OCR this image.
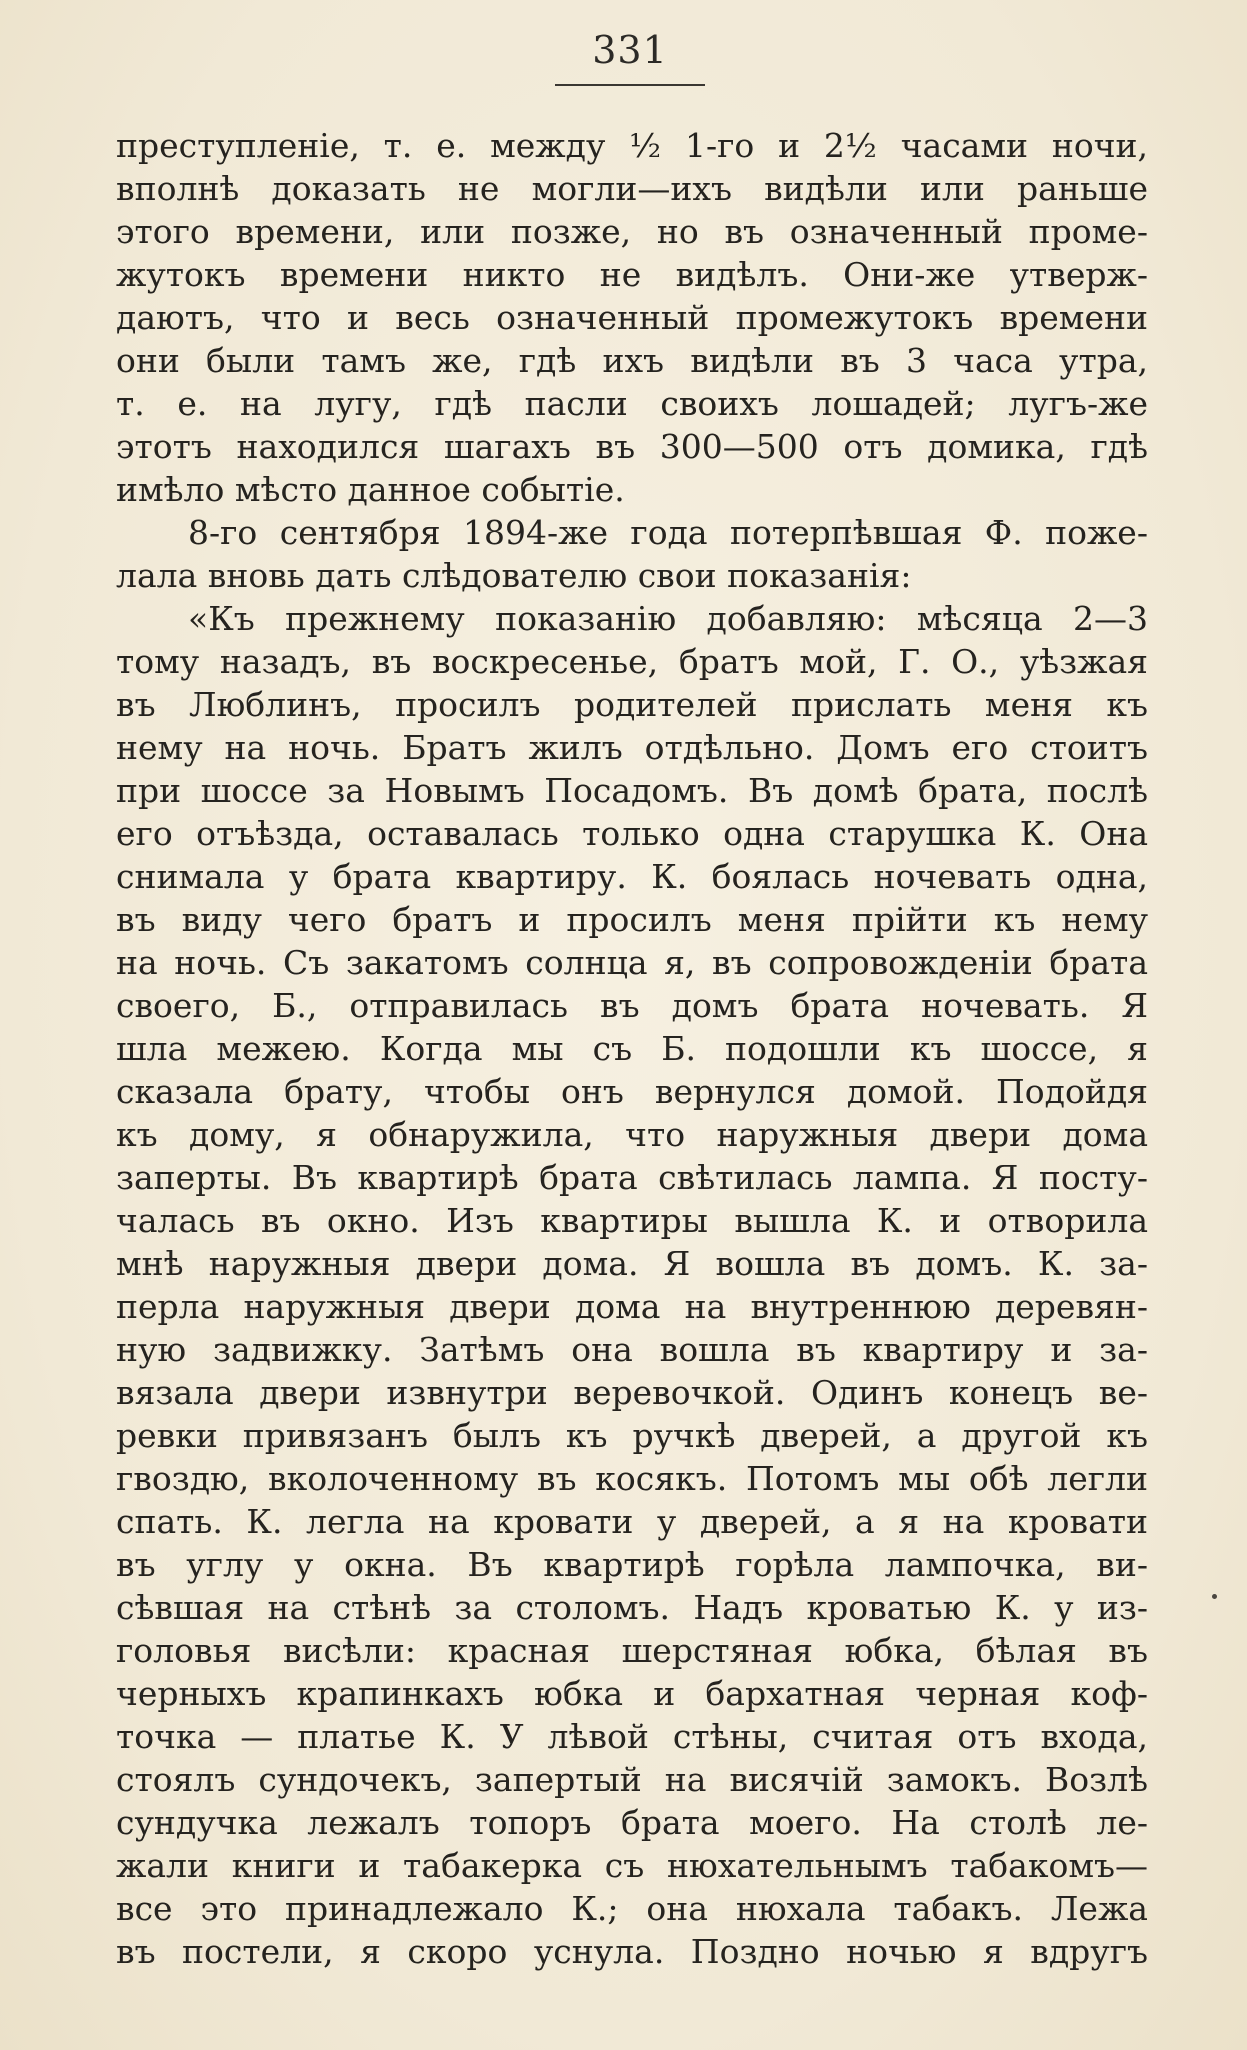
331
преступленіе, т. е. между ½ 1-го и 2½ часами ночи,
вполнѣ доказать не могли—ихъ видѣли или раньше
этого времени, или позже, но въ означенный проме-
жутокъ времени никто не видѣлъ. Они-же утверж-
даютъ, что и весь означенный промежутокъ времени
они были тамъ же, гдѣ ихъ видѣли въ 3 часа утра,
т. е. на лугу, гдѣ пасли своихъ лошадей; лугъ-же
этотъ находился шагахъ въ 300—500 отъ домика, гдѣ
имѣло мѣсто данное событіе.
8-го сентября 1894-же года потерпѣвшая Ф. поже-
лала вновь дать слѣдователю свои показанія:
«Къ прежнему показанію добавляю: мѣсяца 2—3
тому назадъ, въ воскресенье, братъ мой, Г. О., уѣзжая
въ Люблинъ, просилъ родителей прислать меня къ
нему на ночь. Братъ жилъ отдѣльно. Домъ его стоитъ
при шоссе за Новымъ Посадомъ. Въ домѣ брата, послѣ
его отъѣзда, оставалась только одна старушка К. Она
снимала у брата квартиру. К. боялась ночевать одна,
въ виду чего братъ и просилъ меня прійти къ нему
на ночь. Съ закатомъ солнца я, въ сопровожденіи брата
своего, Б., отправилась въ домъ брата ночевать. Я
шла межею. Когда мы съ Б. подошли къ шоссе, я
сказала брату, чтобы онъ вернулся домой. Подойдя
къ дому, я обнаружила, что наружныя двери дома
заперты. Въ квартирѣ брата свѣтилась лампа. Я посту-
чалась въ окно. Изъ квартиры вышла К. и отворила
мнѣ наружныя двери дома. Я вошла въ домъ. К. за-
перла наружныя двери дома на внутреннюю деревян-
ную задвижку. Затѣмъ она вошла въ квартиру и за-
вязала двери извнутри веревочкой. Одинъ конецъ ве-
ревки привязанъ былъ къ ручкѣ дверей, а другой къ
гвоздю, вколоченному въ косякъ. Потомъ мы обѣ легли
спать. К. легла на кровати у дверей, а я на кровати
въ углу у окна. Въ квартирѣ горѣла лампочка, ви-
сѣвшая на стѣнѣ за столомъ. Надъ кроватью К. у из-
головья висѣли: красная шерстяная юбка, бѣлая въ
черныхъ крапинкахъ юбка и бархатная черная коф-
точка — платье К. У лѣвой стѣны, считая отъ входа,
стоялъ сундочекъ, запертый на висячій замокъ. Возлѣ
сундучка лежалъ топоръ брата моего. На столѣ ле-
жали книги и табакерка съ нюхательнымъ табакомъ—
все это принадлежало К.; она нюхала табакъ. Лежа
въ постели, я скоро уснула. Поздно ночью я вдругъ
